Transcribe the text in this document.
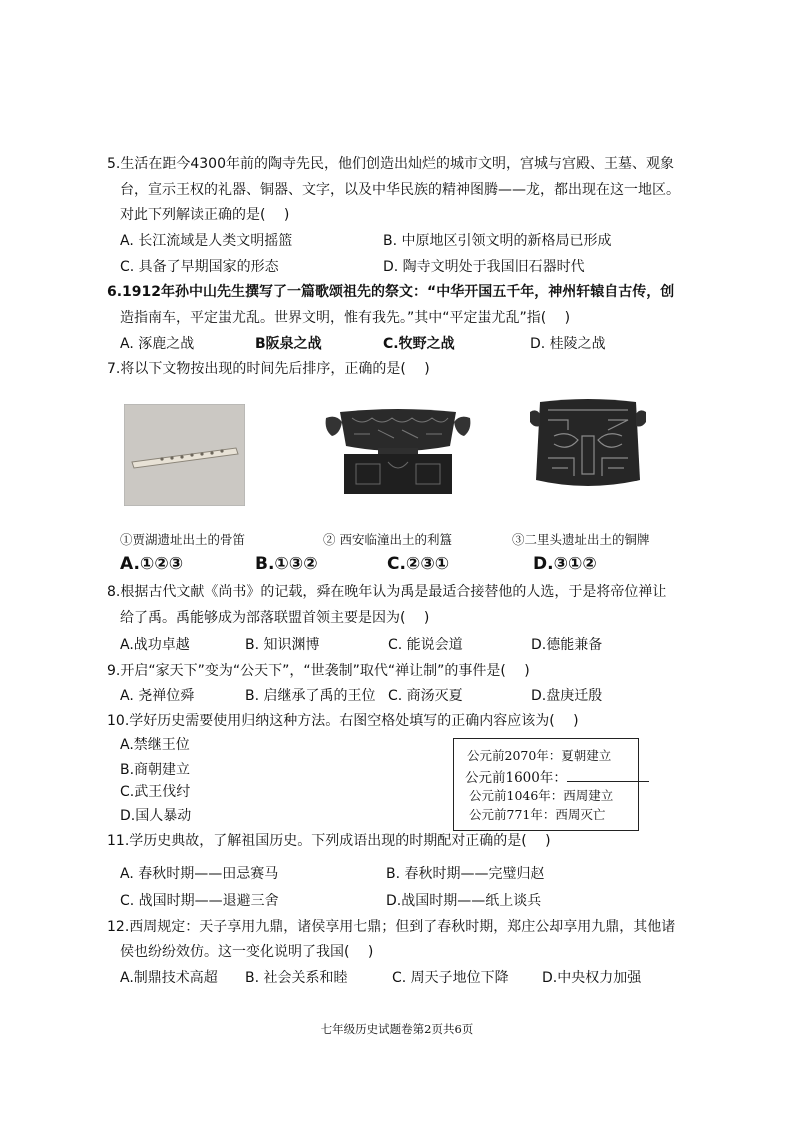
5.生活在距今4300年前的陶寺先民，他们创造出灿烂的城市文明，宫城与宫殿、王墓、观象
台，宣示王权的礼器、铜器、文字，以及中华民族的精神图腾——龙，都出现在这一地区。
对此下列解读正确的是(　 )
A. 长江流域是人类文明摇篮	B. 中原地区引领文明的新格局已形成
C. 具备了早期国家的形态	D. 陶寺文明处于我国旧石器时代
6.1912年孙中山先生撰写了一篇歌颂祖先的祭文：“中华开国五千年，神州轩辕自古传，创
造指南车，平定蚩尤乱。世界文明，惟有我先。”其中“平定蚩尤乱”指(　 )
A. 涿鹿之战	B阪泉之战	C.牧野之战	D. 桂陵之战
7.将以下文物按出现的时间先后排序，正确的是(　 )
①贾湖遗址出土的骨笛	② 西安临潼出土的利簋	③二里头遗址出土的铜牌
A.①②③	B.①③②	C.②③①	D.③①②
8.根据古代文献《尚书》的记载，舜在晚年认为禹是最适合接替他的人选，于是将帝位禅让
给了禹。禹能够成为部落联盟首领主要是因为(　 )
A.战功卓越	B. 知识渊博	C. 能说会道	D.德能兼备
9.开启“家天下”变为“公天下”，“世袭制”取代“禅让制”的事件是(　 )
A. 尧禅位舜	B. 启继承了禹的王位 C. 商汤灭夏	D.盘庚迁殷
10.学好历史需要使用归纳这种方法。右图空格处填写的正确内容应该为(　 )
A.禁继王位
B.商朝建立
C.武王伐纣
D.国人暴动
公元前2070年：夏朝建立
公元前1600年：
公元前1046年：西周建立
公元前771年：西周灭亡
11.学历史典故，了解祖国历史。下列成语出现的时期配对正确的是(　 )
A. 春秋时期——田忌赛马	B. 春秋时期——完璧归赵
C. 战国时期——退避三舍	D.战国时期——纸上谈兵
12.西周规定：天子享用九鼎，诸侯享用七鼎；但到了春秋时期，郑庄公却享用九鼎，其他诸
侯也纷纷效仿。这一变化说明了我国(　 )
A.制鼎技术高超 B. 社会关系和睦	C. 周天子地位下降 D.中央权力加强
七年级历史试题卷第2页共6页
